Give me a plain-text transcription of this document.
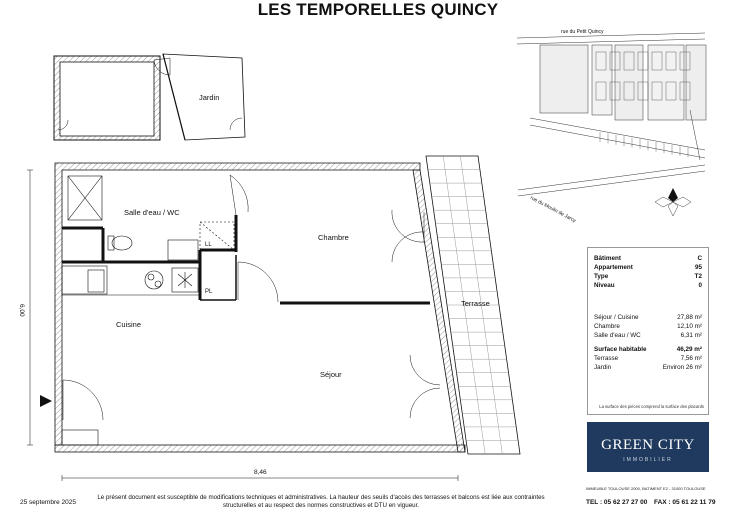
LES TEMPORELLES QUINCY
Jardin
Salle d'eau / WC
Chambre
Cuisine
Séjour
Terrasse
LL
PL
6,00
8,46
rue du Petit Quincy
rue du Moulin de Jarcy
Bâtiment	C
Appartement	95
Type	T2
Niveau	0
Séjour / Cuisine	27,88 m²
Chambre	12,10 m²
Salle d'eau / WC	6,31 m²
Surface habitable	46,29 m²
Terrasse	7,56 m²
Jardin	Environ 26 m²
La surface des pièces comprend la surface des placards
GREEN CITY
IMMOBILIER
IMMEUBLE TOULOUSE 2000, BATIMENT E2 - 31000 TOULOUSE
TEL : 05 62 27 27 00 FAX : 05 61 22 11 79
25 septembre 2025
Le présent document est susceptible de modifications techniques et administratives. La hauteur des seuils d'accès des terrasses et balcons est liée aux contraintes structurelles et au respect des normes constructives et DTU en vigueur.
